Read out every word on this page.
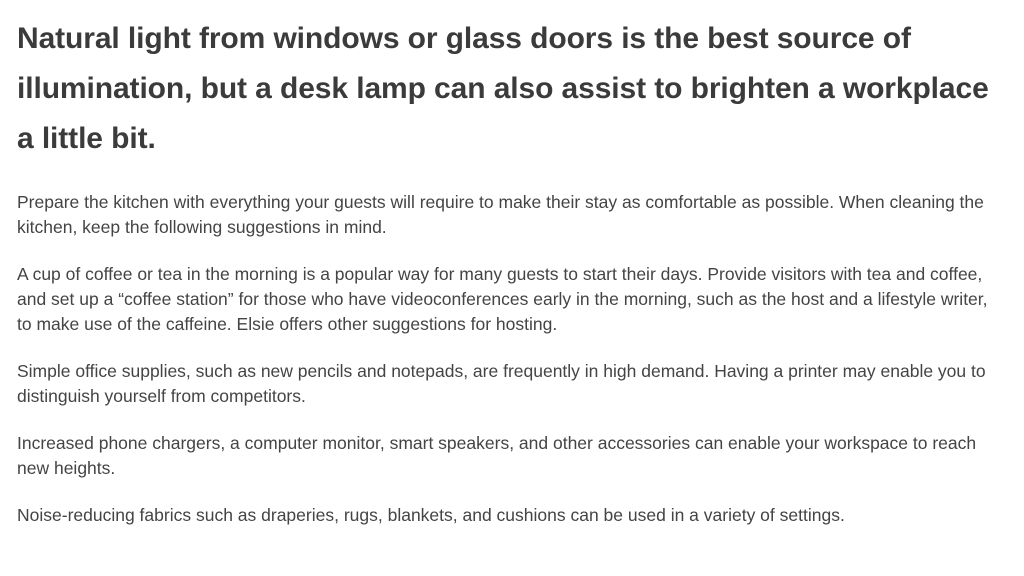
Natural light from windows or glass doors is the best source of illumination, but a desk lamp can also assist to brighten a workplace a little bit.

Prepare the kitchen with everything your guests will require to make their stay as comfortable as possible. When cleaning the kitchen, keep the following suggestions in mind.

A cup of coffee or tea in the morning is a popular way for many guests to start their days. Provide visitors with tea and coffee, and set up a “coffee station” for those who have videoconferences early in the morning, such as the host and a lifestyle writer, to make use of the caffeine. Elsie offers other suggestions for hosting.

Simple office supplies, such as new pencils and notepads, are frequently in high demand. Having a printer may enable you to distinguish yourself from competitors.

Increased phone chargers, a computer monitor, smart speakers, and other accessories can enable your workspace to reach new heights.

Noise-reducing fabrics such as draperies, rugs, blankets, and cushions can be used in a variety of settings.
